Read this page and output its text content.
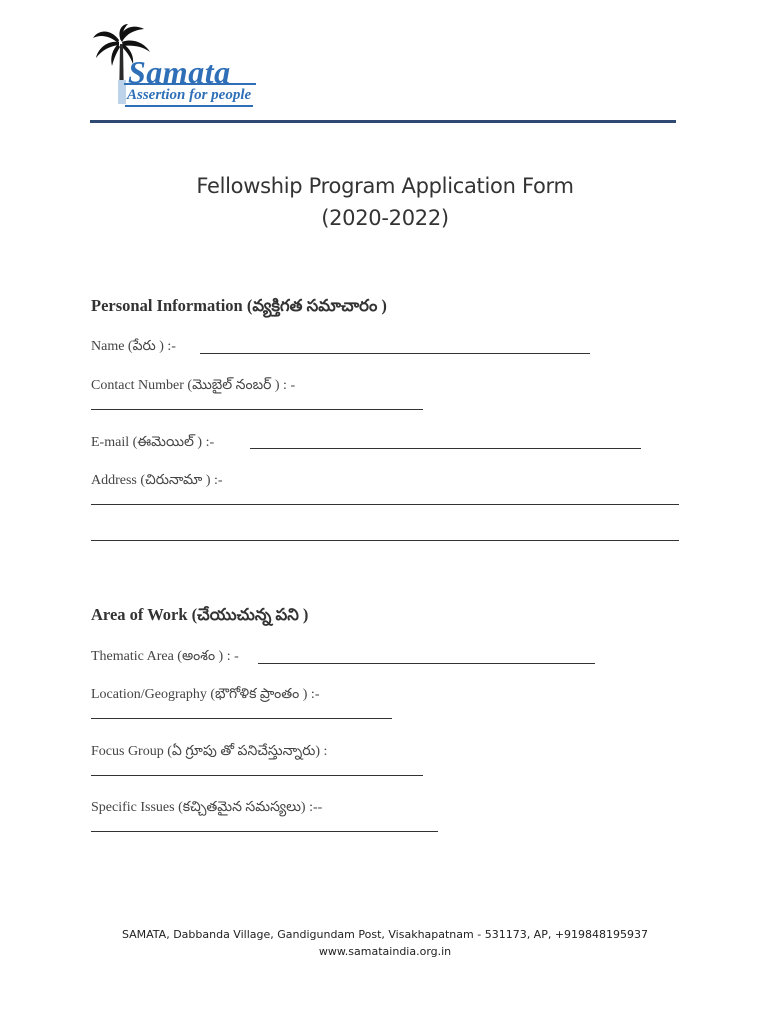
Samata
Assertion for people
Fellowship Program Application Form
(2020-2022)
Personal Information (వ్యక్తిగత సమాచారం )
Name (పేరు ) :-
Contact Number (మొబైల్ నంబర్ ) : -
E-mail (ఈమెయిల్ ) :-
Address (చిరునామా ) :-
Area of Work (చేయుచున్న పని )
Thematic Area (అంశం ) : -
Location/Geography (భౌగోళిక ప్రాంతం ) :-
Focus Group (ఏ గ్రూపు తో పనిచేస్తున్నారు) :
Specific Issues (కచ్చితమైన సమస్యలు) :--
SAMATA, Dabbanda Village, Gandigundam Post, Visakhapatnam - 531173, AP, +919848195937
www.samataindia.org.in
